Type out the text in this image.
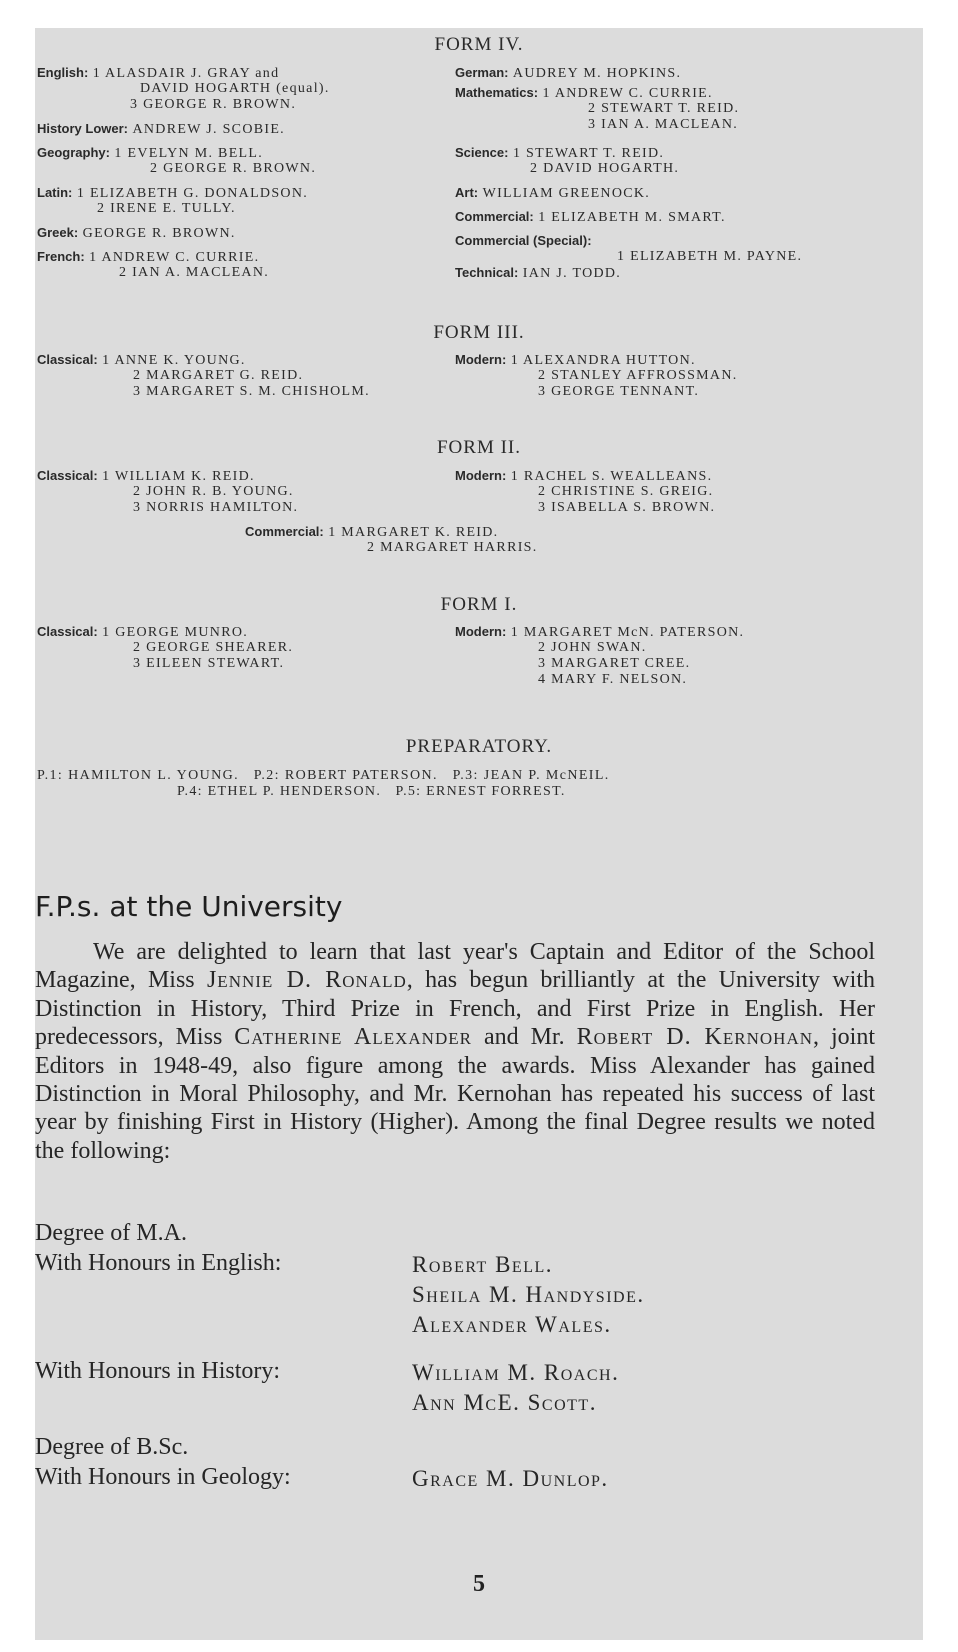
FORM IV.
English: 1 ALASDAIR J. GRAY and
DAVID HOGARTH (equal).
3 GEORGE R. BROWN.
History Lower: ANDREW J. SCOBIE.
Geography: 1 EVELYN M. BELL.
2 GEORGE R. BROWN.
Latin: 1 ELIZABETH G. DONALDSON.
2 IRENE E. TULLY.
Greek: GEORGE R. BROWN.
French: 1 ANDREW C. CURRIE.
2 IAN A. MACLEAN.
German: AUDREY M. HOPKINS.
Mathematics: 1 ANDREW C. CURRIE.
2 STEWART T. REID.
3 IAN A. MACLEAN.
Science: 1 STEWART T. REID.
2 DAVID HOGARTH.
Art: WILLIAM GREENOCK.
Commercial: 1 ELIZABETH M. SMART.
Commercial (Special):
1 ELIZABETH M. PAYNE.
Technical: IAN J. TODD.
FORM III.
Classical: 1 ANNE K. YOUNG.
2 MARGARET G. REID.
3 MARGARET S. M. CHISHOLM.
Modern: 1 ALEXANDRA HUTTON.
2 STANLEY AFFROSSMAN.
3 GEORGE TENNANT.
FORM II.
Classical: 1 WILLIAM K. REID.
2 JOHN R. B. YOUNG.
3 NORRIS HAMILTON.
Modern: 1 RACHEL S. WEALLEANS.
2 CHRISTINE S. GREIG.
3 ISABELLA S. BROWN.
Commercial: 1 MARGARET K. REID.
2 MARGARET HARRIS.
FORM I.
Classical: 1 GEORGE MUNRO.
2 GEORGE SHEARER.
3 EILEEN STEWART.
Modern: 1 MARGARET McN. PATERSON.
2 JOHN SWAN.
3 MARGARET CREE.
4 MARY F. NELSON.
PREPARATORY.
P.1: HAMILTON L. YOUNG.   P.2: ROBERT PATERSON.   P.3: JEAN P. McNEIL.
P.4: ETHEL P. HENDERSON.   P.5: ERNEST FORREST.
F.P.s. at the University

We are delighted to learn that last year's Captain and Editor of the School Magazine, Miss Jennie D. Ronald, has begun brilliantly at the University with Distinction in History, Third Prize in French, and First Prize in English. Her predecessors, Miss Catherine Alexander and Mr. Robert D. Kernohan, joint Editors in 1948-49, also figure among the awards. Miss Alexander has gained Distinction in Moral Philosophy, and Mr. Kernohan has repeated his success of last year by finishing First in History (Higher). Among the final Degree results we noted the following:

Degree of M.A.
With Honours in English:	Robert Bell.
Sheila M. Handyside.
Alexander Wales.
With Honours in History:	William M. Roach.
Ann McE. Scott.
Degree of B.Sc.
With Honours in Geology:	Grace M. Dunlop.
5
